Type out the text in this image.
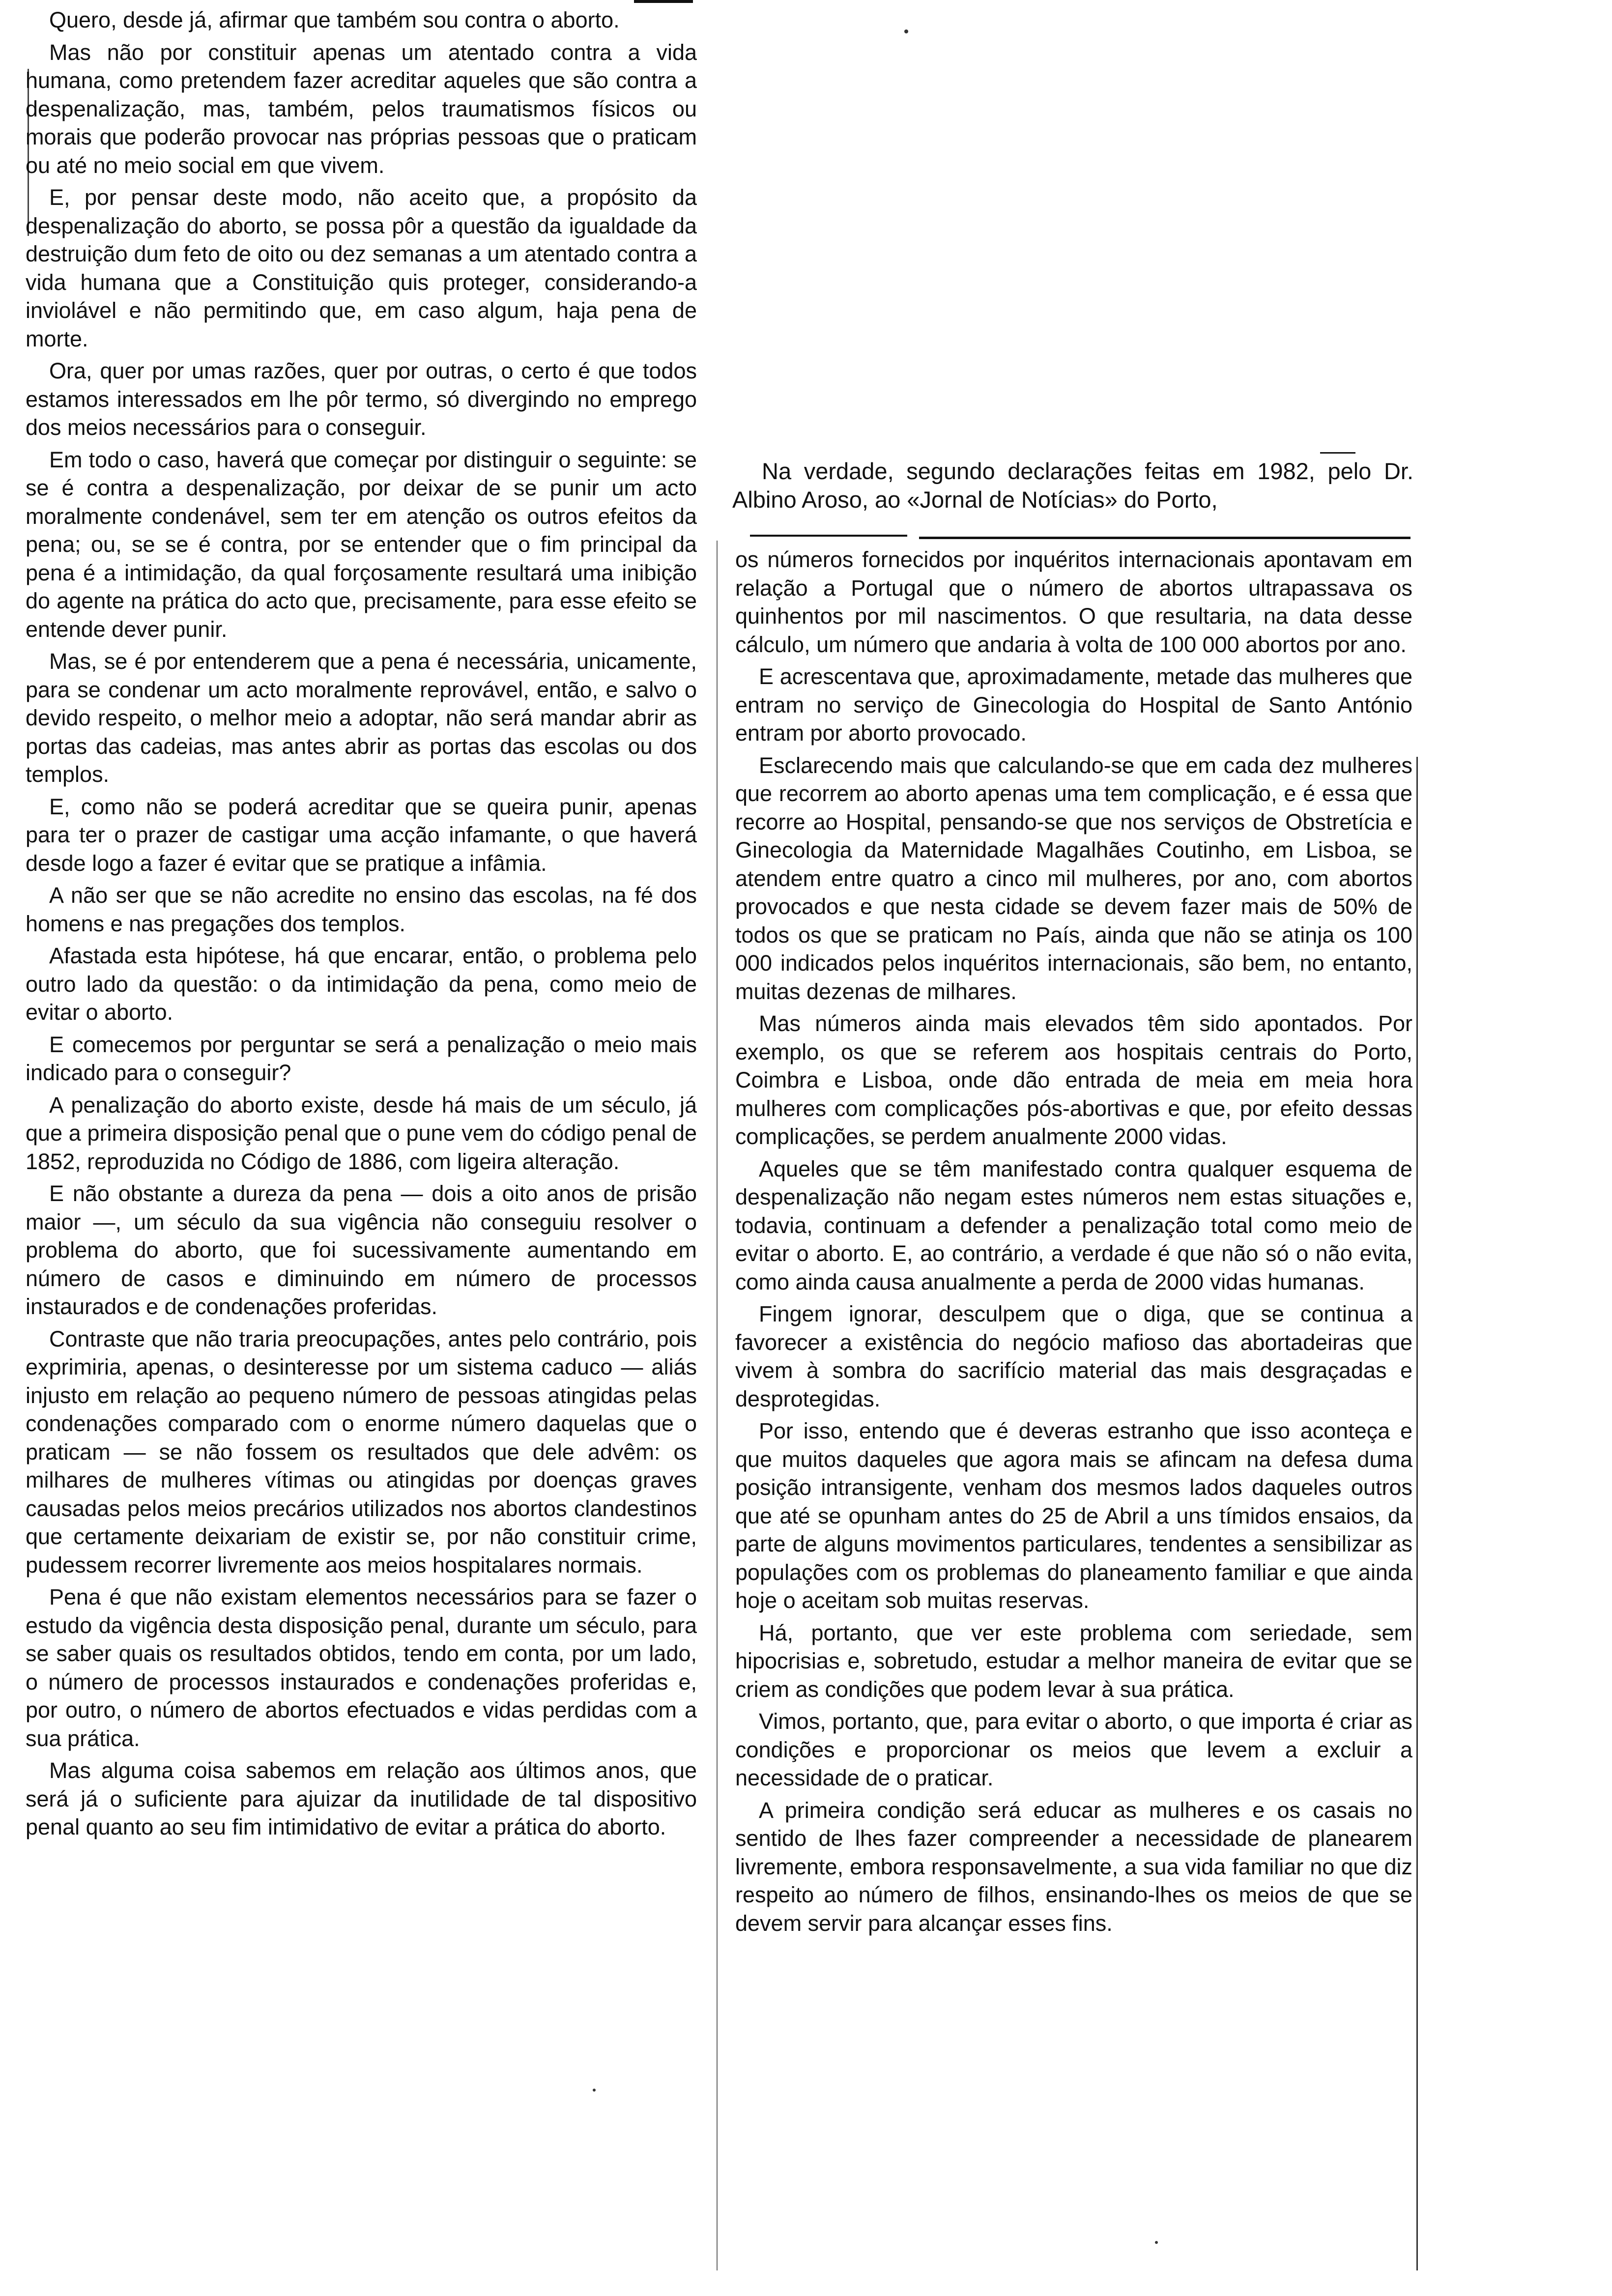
Quero, desde já, afirmar que também sou contra o aborto.

Mas não por constituir apenas um atentado contra a vida humana, como pretendem fazer acreditar aqueles que são contra a despenalização, mas, também, pelos traumatismos físicos ou morais que poderão provocar nas próprias pessoas que o praticam ou até no meio social em que vivem.

E, por pensar deste modo, não aceito que, a propósito da despenalização do aborto, se possa pôr a questão da igualdade da destruição dum feto de oito ou dez semanas a um atentado contra a vida humana que a Constituição quis proteger, considerando-a inviolável e não permitindo que, em caso algum, haja pena de morte.

Ora, quer por umas razões, quer por outras, o certo é que todos estamos interessados em lhe pôr termo, só divergindo no emprego dos meios necessários para o conseguir.

Em todo o caso, haverá que começar por distinguir o seguinte: se se é contra a despenalização, por deixar de se punir um acto moralmente condenável, sem ter em atenção os outros efeitos da pena; ou, se se é contra, por se entender que o fim principal da pena é a intimidação, da qual forçosamente resultará uma inibição do agente na prática do acto que, precisamente, para esse efeito se entende dever punir.

Mas, se é por entenderem que a pena é necessária, unicamente, para se condenar um acto moralmente reprovável, então, e salvo o devido respeito, o melhor meio a adoptar, não será mandar abrir as portas das cadeias, mas antes abrir as portas das escolas ou dos templos.

E, como não se poderá acreditar que se queira punir, apenas para ter o prazer de castigar uma acção infamante, o que haverá desde logo a fazer é evitar que se pratique a infâmia.

A não ser que se não acredite no ensino das escolas, na fé dos homens e nas pregações dos templos.

Afastada esta hipótese, há que encarar, então, o problema pelo outro lado da questão: o da intimidação da pena, como meio de evitar o aborto.

E comecemos por perguntar se será a penalização o meio mais indicado para o conseguir?

A penalização do aborto existe, desde há mais de um século, já que a primeira disposição penal que o pune vem do código penal de 1852, reproduzida no Código de 1886, com ligeira alteração.

E não obstante a dureza da pena — dois a oito anos de prisão maior —, um século da sua vigência não conseguiu resolver o problema do aborto, que foi sucessivamente aumentando em número de casos e diminuindo em número de processos instaurados e de condenações proferidas.

Contraste que não traria preocupações, antes pelo contrário, pois exprimiria, apenas, o desinteresse por um sistema caduco — aliás injusto em relação ao pequeno número de pessoas atingidas pelas condenações comparado com o enorme número daquelas que o praticam — se não fossem os resultados que dele advêm: os milhares de mulheres vítimas ou atingidas por doenças graves causadas pelos meios precários utilizados nos abortos clandestinos que certamente deixariam de existir se, por não constituir crime, pudessem recorrer livremente aos meios hospitalares normais.

Pena é que não existam elementos necessários para se fazer o estudo da vigência desta disposição penal, durante um século, para se saber quais os resultados obtidos, tendo em conta, por um lado, o número de processos instaurados e condenações proferidas e, por outro, o número de abortos efectuados e vidas perdidas com a sua prática.

Mas alguma coisa sabemos em relação aos últimos anos, que será já o suficiente para ajuizar da inutilidade de tal dispositivo penal quanto ao seu fim intimidativo de evitar a prática do aborto.

Na verdade, segundo declarações feitas em 1982, pelo Dr. Albino Aroso, ao «Jornal de Notícias» do Porto,

os números fornecidos por inquéritos internacionais apontavam em relação a Portugal que o número de abortos ultrapassava os quinhentos por mil nascimentos. O que resultaria, na data desse cálculo, um número que andaria à volta de 100 000 abortos por ano.

E acrescentava que, aproximadamente, metade das mulheres que entram no serviço de Ginecologia do Hospital de Santo António entram por aborto provocado.

Esclarecendo mais que calculando-se que em cada dez mulheres que recorrem ao aborto apenas uma tem complicação, e é essa que recorre ao Hospital, pensando-se que nos serviços de Obstretícia e Ginecologia da Maternidade Magalhães Coutinho, em Lisboa, se atendem entre quatro a cinco mil mulheres, por ano, com abortos provocados e que nesta cidade se devem fazer mais de 50% de todos os que se praticam no País, ainda que não se atinja os 100 000 indicados pelos inquéritos internacionais, são bem, no entanto, muitas dezenas de milhares.

Mas números ainda mais elevados têm sido apontados. Por exemplo, os que se referem aos hospitais centrais do Porto, Coimbra e Lisboa, onde dão entrada de meia em meia hora mulheres com complicações pós-abortivas e que, por efeito dessas complicações, se perdem anualmente 2000 vidas.

Aqueles que se têm manifestado contra qualquer esquema de despenalização não negam estes números nem estas situações e, todavia, continuam a defender a penalização total como meio de evitar o aborto. E, ao contrário, a verdade é que não só o não evita, como ainda causa anualmente a perda de 2000 vidas humanas.

Fingem ignorar, desculpem que o diga, que se continua a favorecer a existência do negócio mafioso das abortadeiras que vivem à sombra do sacrifício material das mais desgraçadas e desprotegidas.

Por isso, entendo que é deveras estranho que isso aconteça e que muitos daqueles que agora mais se afincam na defesa duma posição intransigente, venham dos mesmos lados daqueles outros que até se opunham antes do 25 de Abril a uns tímidos ensaios, da parte de alguns movimentos particulares, tendentes a sensibilizar as populações com os problemas do planeamento familiar e que ainda hoje o aceitam sob muitas reservas.

Há, portanto, que ver este problema com seriedade, sem hipocrisias e, sobretudo, estudar a melhor maneira de evitar que se criem as condições que podem levar à sua prática.

Vimos, portanto, que, para evitar o aborto, o que importa é criar as condições e proporcionar os meios que levem a excluir a necessidade de o praticar.

A primeira condição será educar as mulheres e os casais no sentido de lhes fazer compreender a necessidade de planearem livremente, embora responsavelmente, a sua vida familiar no que diz respeito ao número de filhos, ensinando-lhes os meios de que se devem servir para alcançar esses fins.
